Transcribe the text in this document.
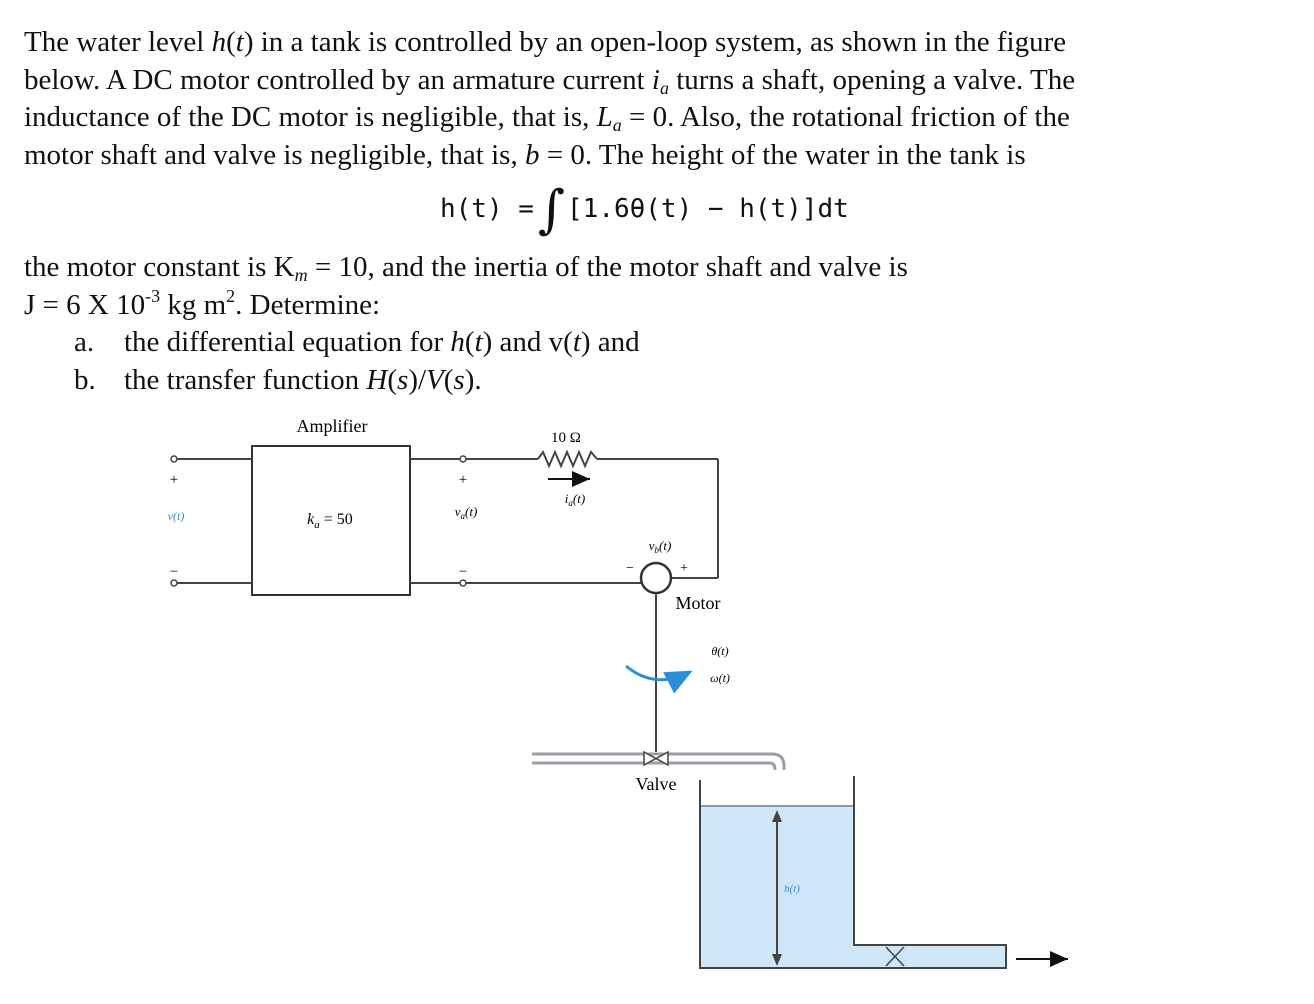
The water level h(t) in a tank is controlled by an open-loop system, as shown in the figure
below. A DC motor controlled by an armature current $i_a$ turns a shaft, opening a valve. The
inductance of the DC motor is negligible, that is, $L_a = 0$. Also, the rotational friction of the
motor shaft and valve is negligible, that is, b = 0. The height of the water in the tank is
h(t) =∫[1.6θ(t) − h(t)]dt
the motor constant is $K_m = 10$, and the inertia of the motor shaft and valve is
J = 6 X $10^{-3}$ kg $m^2$. Determine:
a. the differential equation for h(t) and v(t) and
b. the transfer function H(s)/V(s).
Amplifier
$k_a = 50$
+
−
v(t)
+
−
$v_a(t)$
10 Ω
$i_a(t)$
$v_b(t)$
−	+
Motor
θ(t)
ω(t)
Valve
h(t)
